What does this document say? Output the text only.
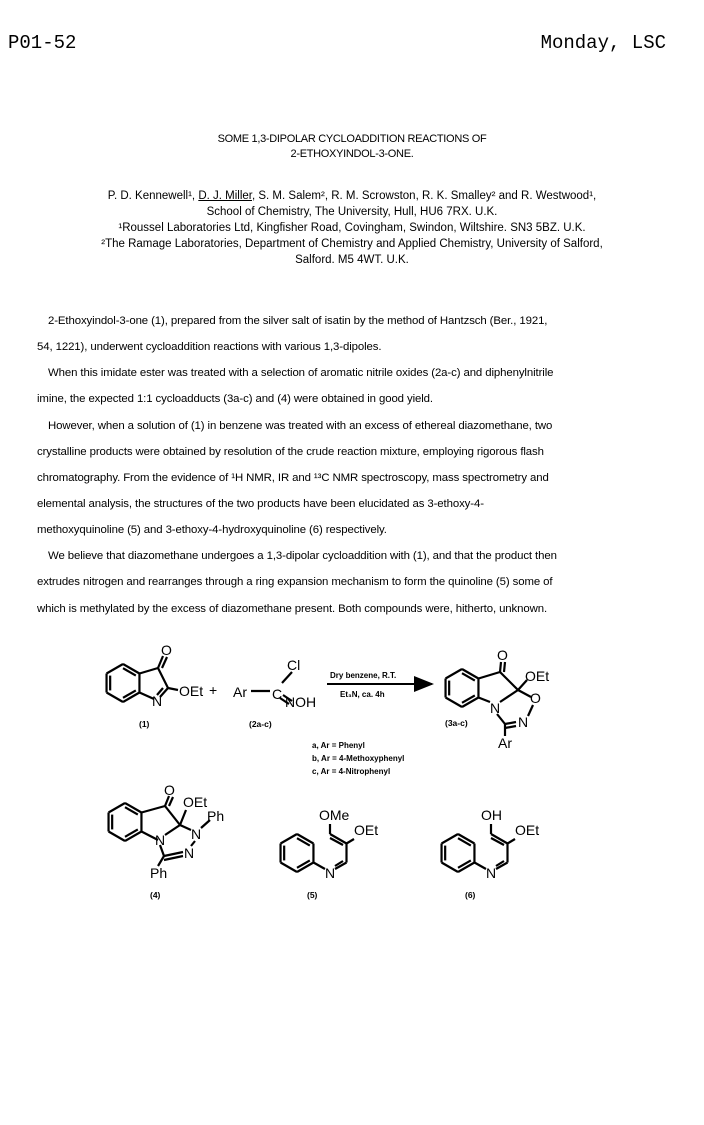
P01-52	Monday, LSC
SOME 1,3-DIPOLAR CYCLOADDITION REACTIONS OF
2-ETHOXYINDOL-3-ONE.
P. D. Kennewell¹, D. J. Miller, S. M. Salem², R. M. Scrowston, R. K. Smalley² and R. Westwood¹,
School of Chemistry, The University, Hull, HU6 7RX. U.K.
¹Roussel Laboratories Ltd, Kingfisher Road, Covingham, Swindon, Wiltshire. SN3 5BZ. U.K.
²The Ramage Laboratories, Department of Chemistry and Applied Chemistry, University of Salford,
Salford. M5 4WT. U.K.
2-Ethoxyindol-3-one (1), prepared from the silver salt of isatin by the method of Hantzsch (Ber., 1921,
54, 1221), underwent cycloaddition reactions with various 1,3-dipoles.
When this imidate ester was treated with a selection of aromatic nitrile oxides (2a-c) and diphenylnitrile
imine, the expected 1:1 cycloadducts (3a-c) and (4) were obtained in good yield.
However, when a solution of (1) in benzene was treated with an excess of ethereal diazomethane, two
crystalline products were obtained by resolution of the crude reaction mixture, employing rigorous flash
chromatography. From the evidence of ¹H NMR, IR and ¹³C NMR spectroscopy, mass spectrometry and
elemental analysis, the structures of the two products have been elucidated as 3-ethoxy-4-
methoxyquinoline (5) and 3-ethoxy-4-hydroxyquinoline (6) respectively.
We believe that diazomethane undergoes a 1,3-dipolar cycloaddition with (1), and that the product then
extrudes nitrogen and rearranges through a ring expansion mechanism to form the quinoline (5) some of
which is methylated by the excess of diazomethane present. Both compounds were, hitherto, unknown.
O
N
OEt +
(1)
Ar C
Cl
NOH
(2a-c)
Dry benzene, R.T.
Et₃N, ca. 4h
O
OEt
O
N
N
Ar
(3a-c)
a, Ar = Phenyl
b, Ar = 4-Methoxyphenyl
c, Ar = 4-Nitrophenyl
O
OEt
Ph
N
N
N
Ph
(4)
OMe
OEt
N
(5)
OH
OEt
N
(6)
